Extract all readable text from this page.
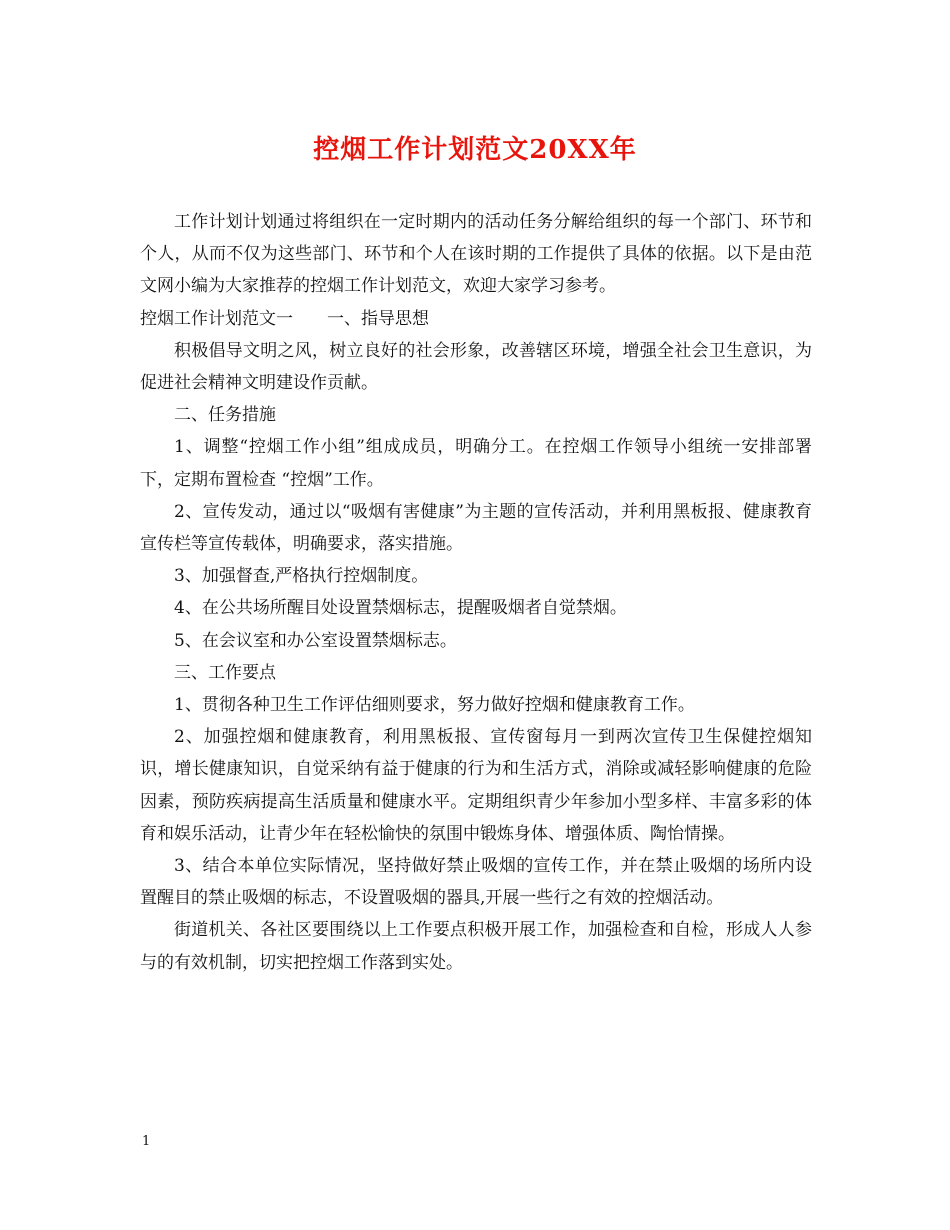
控烟工作计划范文20XX年

工作计划计划通过将组织在一定时期内的活动任务分解给组织的每一个部门、环节和个人，从而不仅为这些部门、环节和个人在该时期的工作提供了具体的依据。以下是由范文网小编为大家推荐的控烟工作计划范文，欢迎大家学习参考。

控烟工作计划范文一　　一、指导思想

积极倡导文明之风，树立良好的社会形象，改善辖区环境，增强全社会卫生意识，为促进社会精神文明建设作贡献。

二、任务措施

1、调整“控烟工作小组”组成成员，明确分工。在控烟工作领导小组统一安排部署下，定期布置检查 “控烟”工作。

2、宣传发动，通过以“吸烟有害健康”为主题的宣传活动，并利用黑板报、健康教育宣传栏等宣传载体，明确要求，落实措施。

3、加强督查,严格执行控烟制度。

4、在公共场所醒目处设置禁烟标志，提醒吸烟者自觉禁烟。

5、在会议室和办公室设置禁烟标志。

三、工作要点

1、贯彻各种卫生工作评估细则要求，努力做好控烟和健康教育工作。

2、加强控烟和健康教育，利用黑板报、宣传窗每月一到两次宣传卫生保健控烟知识，增长健康知识，自觉采纳有益于健康的行为和生活方式，消除或减轻影响健康的危险因素，预防疾病提高生活质量和健康水平。定期组织青少年参加小型多样、丰富多彩的体育和娱乐活动，让青少年在轻松愉快的氛围中锻炼身体、增强体质、陶怡情操。

3、结合本单位实际情况，坚持做好禁止吸烟的宣传工作，并在禁止吸烟的场所内设置醒目的禁止吸烟的标志，不设置吸烟的器具,开展一些行之有效的控烟活动。

街道机关、各社区要围绕以上工作要点积极开展工作，加强检查和自检，形成人人参与的有效机制，切实把控烟工作落到实处。

1
